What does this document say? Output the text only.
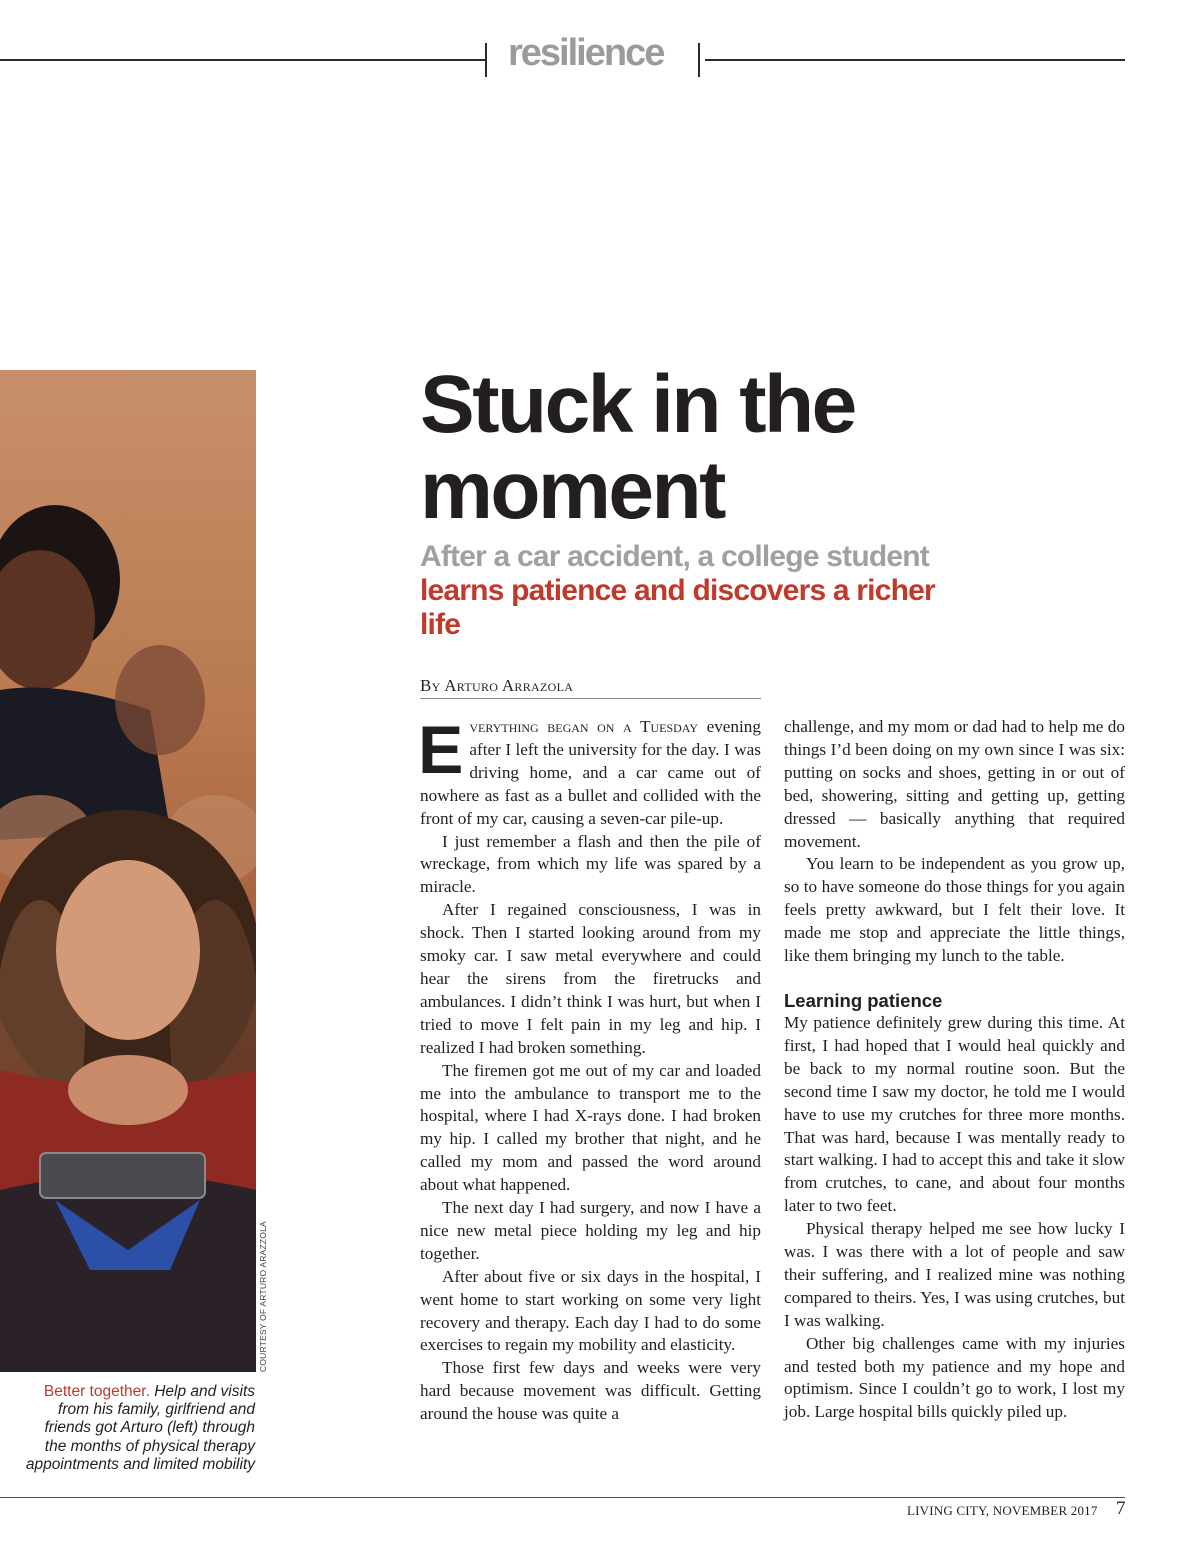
resilience
COURTESY OF ARTURO ARAZZOLA
Better together. Help and visits from his family, girlfriend and friends got Arturo (left) through the months of physical therapy appointments and limited mobility
Stuck in the moment
After a car accident, a college student learns patience and discovers a richer life
By Arturo Arrazola

Everything began on a Tuesday evening after I left the university for the day. I was driving home, and a car came out of nowhere as fast as a bullet and collided with the front of my car, causing a seven-car pile-up.

I just remember a flash and then the pile of wreckage, from which my life was spared by a miracle.

After I regained consciousness, I was in shock. Then I started looking around from my smoky car. I saw metal everywhere and could hear the sirens from the firetrucks and ambulances. I didn’t think I was hurt, but when I tried to move I felt pain in my leg and hip. I realized I had broken something.

The firemen got me out of my car and loaded me into the ambulance to transport me to the hospital, where I had X-rays done. I had broken my hip. I called my brother that night, and he called my mom and passed the word around about what happened.

The next day I had surgery, and now I have a nice new metal piece holding my leg and hip together.

After about five or six days in the hospital, I went home to start working on some very light recovery and therapy. Each day I had to do some exercises to regain my mobility and elasticity.

Those first few days and weeks were very hard because movement was difficult. Getting around the house was quite a

challenge, and my mom or dad had to help me do things I’d been doing on my own since I was six: putting on socks and shoes, getting in or out of bed, showering, sitting and getting up, getting dressed — basically anything that required movement.

You learn to be independent as you grow up, so to have someone do those things for you again feels pretty awkward, but I felt their love. It made me stop and appreciate the little things, like them bringing my lunch to the table.

Learning patience

My patience definitely grew during this time. At first, I had hoped that I would heal quickly and be back to my normal routine soon. But the second time I saw my doctor, he told me I would have to use my crutches for three more months. That was hard, because I was mentally ready to start walking. I had to accept this and take it slow from crutches, to cane, and about four months later to two feet.

Physical therapy helped me see how lucky I was. I was there with a lot of people and saw their suffering, and I realized mine was nothing compared to theirs. Yes, I was using crutches, but I was walking.

Other big challenges came with my injuries and tested both my patience and my hope and optimism. Since I couldn’t go to work, I lost my job. Large hospital bills quickly piled up.

LIVING CITY, NOVEMBER 2017 7
